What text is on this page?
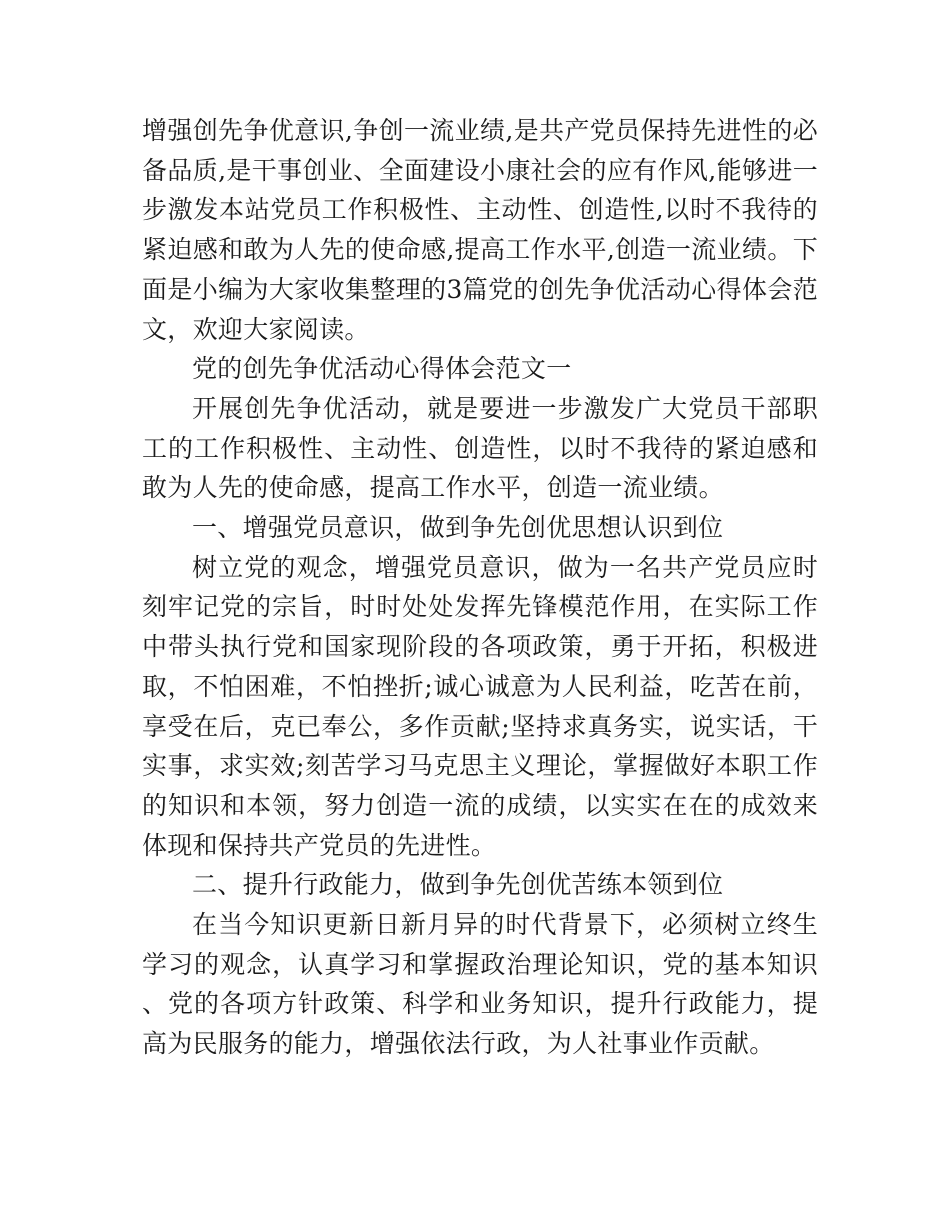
增强创先争优意识,争创一流业绩,是共产党员保持先进性的必备品质,是干事创业、全面建设小康社会的应有作风,能够进一步激发本站党员工作积极性、主动性、创造性,以时不我待的紧迫感和敢为人先的使命感,提高工作水平,创造一流业绩。下面是小编为大家收集整理的3篇党的创先争优活动心得体会范文，欢迎大家阅读。

党的创先争优活动心得体会范文一

开展创先争优活动，就是要进一步激发广大党员干部职工的工作积极性、主动性、创造性，以时不我待的紧迫感和敢为人先的使命感，提高工作水平，创造一流业绩。

一、增强党员意识，做到争先创优思想认识到位

树立党的观念，增强党员意识，做为一名共产党员应时刻牢记党的宗旨，时时处处发挥先锋模范作用，在实际工作中带头执行党和国家现阶段的各项政策，勇于开拓，积极进取，不怕困难，不怕挫折;诚心诚意为人民利益，吃苦在前，享受在后，克已奉公，多作贡献;坚持求真务实，说实话，干实事，求实效;刻苦学习马克思主义理论，掌握做好本职工作的知识和本领，努力创造一流的成绩，以实实在在的成效来体现和保持共产党员的先进性。

二、提升行政能力，做到争先创优苦练本领到位

在当今知识更新日新月异的时代背景下，必须树立终生学习的观念，认真学习和掌握政治理论知识，党的基本知识、党的各项方针政策、科学和业务知识，提升行政能力，提高为民服务的能力，增强依法行政，为人社事业作贡献。
